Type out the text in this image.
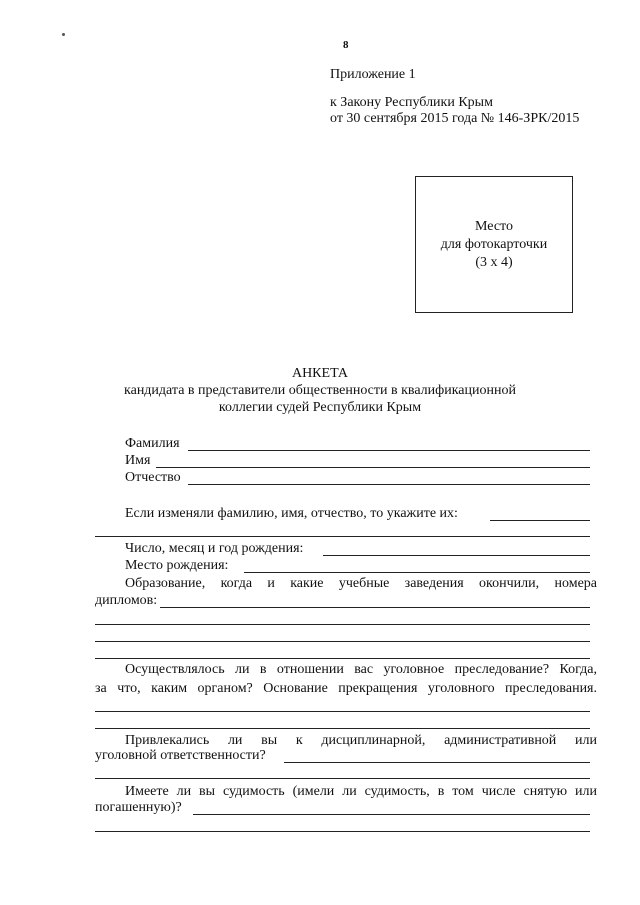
8
Приложение 1
к Закону Республики Крым
от 30 сентября 2015 года № 146-ЗРК/2015
Место
для фотокарточки
(3 х 4)
АНКЕТА
кандидата в представители общественности в квалификационной
коллегии судей Республики Крым
Фамилия
Имя
Отчество
Если изменяли фамилию, имя, отчество, то укажите их:
Число, месяц и год рождения:
Место рождения:
Образование, когда и какие учебные заведения окончили, номера
дипломов:
Осуществлялось ли в отношении вас уголовное преследование? Когда,
за что, каким органом? Основание прекращения уголовного преследования.
Привлекались ли вы к дисциплинарной, административной или
уголовной ответственности?
Имеете ли вы судимость (имели ли судимость, в том числе снятую или
погашенную)?
